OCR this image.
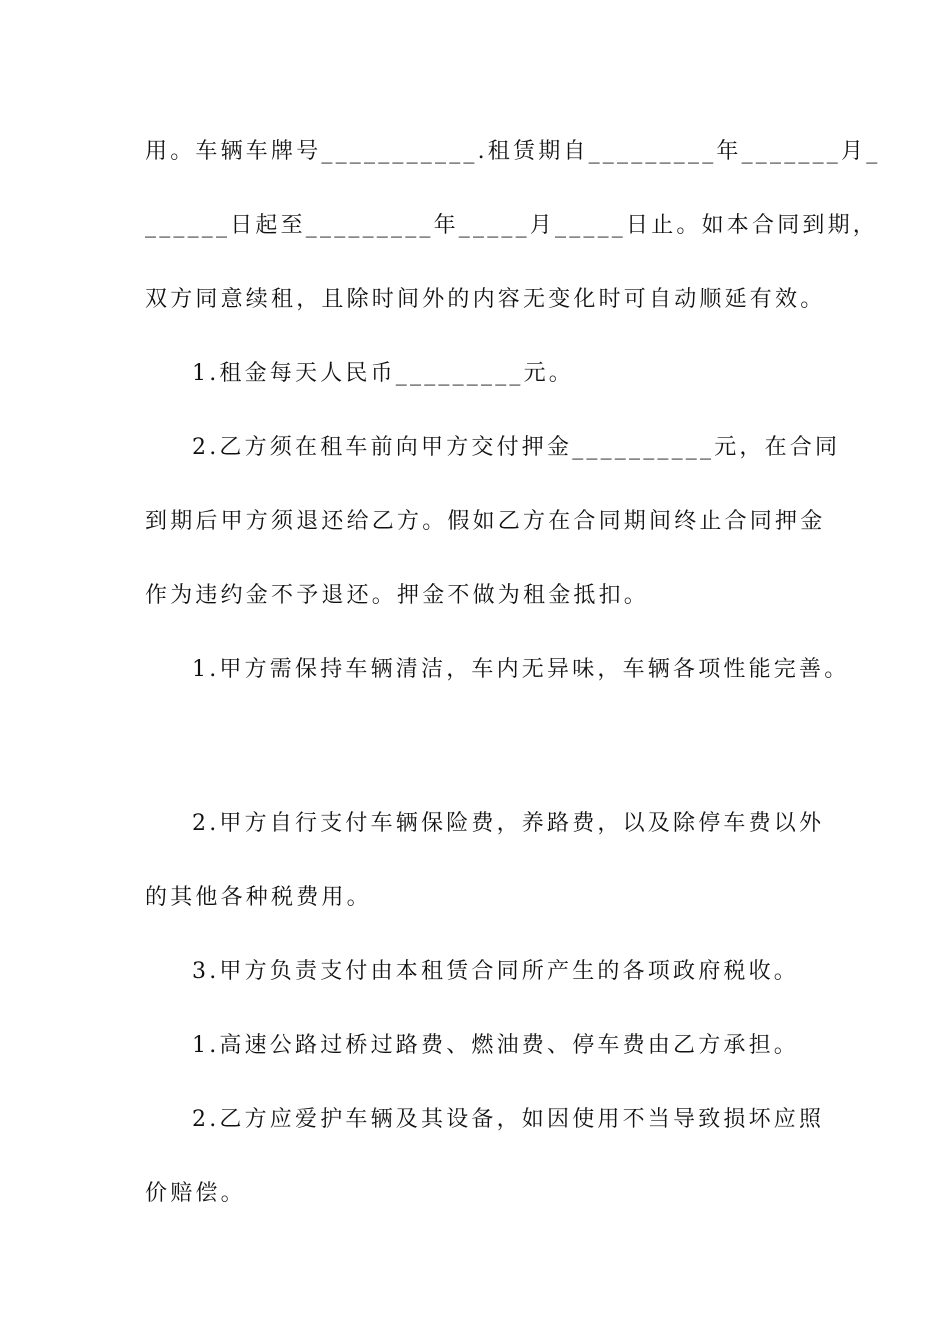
用。车辆车牌号___________.租赁期自_________年_______月_
______日起至_________年_____月_____日止。如本合同到期，
双方同意续租，且除时间外的内容无变化时可自动顺延有效。
1.租金每天人民币_________元。
2.乙方须在租车前向甲方交付押金__________元，在合同
到期后甲方须退还给乙方。假如乙方在合同期间终止合同押金
作为违约金不予退还。押金不做为租金抵扣。
1.甲方需保持车辆清洁，车内无异味，车辆各项性能完善。
2.甲方自行支付车辆保险费，养路费，以及除停车费以外
的其他各种税费用。
3.甲方负责支付由本租赁合同所产生的各项政府税收。
1.高速公路过桥过路费、燃油费、停车费由乙方承担。
2.乙方应爱护车辆及其设备，如因使用不当导致损坏应照
价赔偿。
